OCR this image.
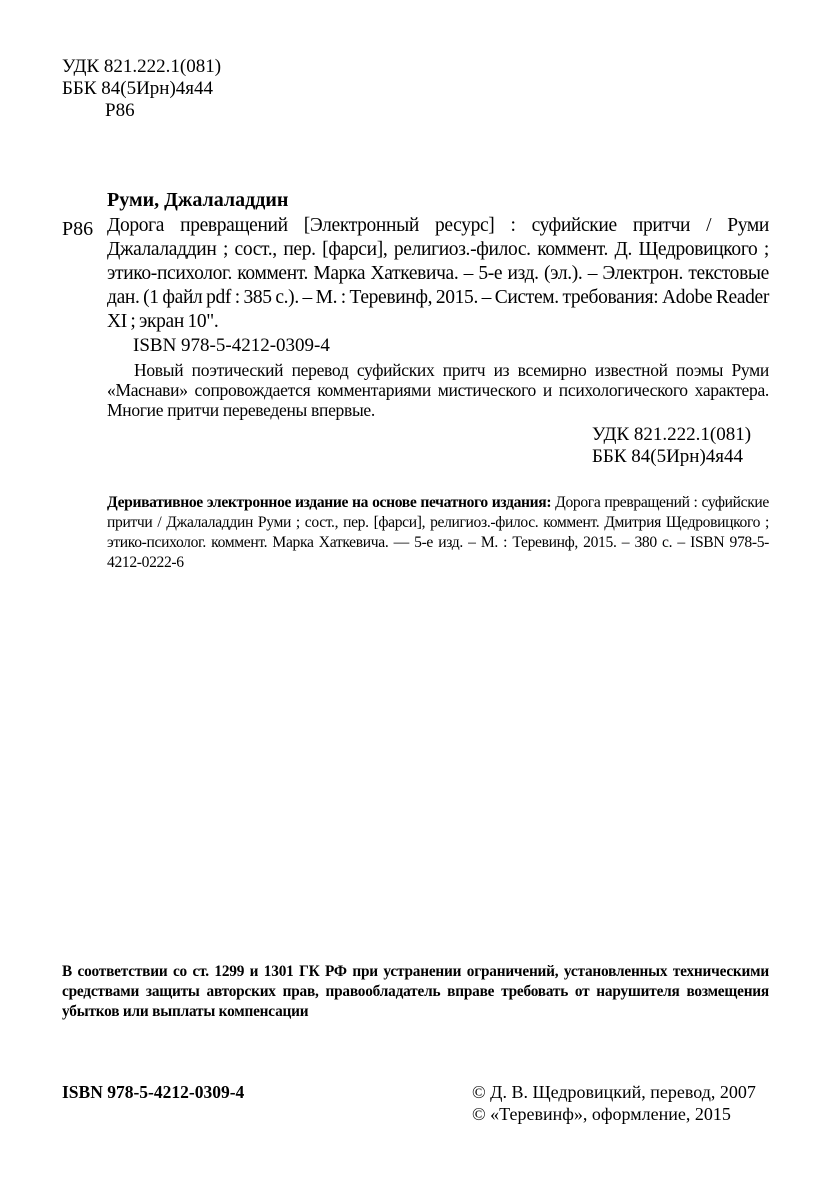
УДК 821.222.1(081)
ББК 84(5Ирн)4я44
Р86
Руми, Джалаладдин
Р86 Дорога превращений [Электронный ресурс] : суфийские притчи / Руми Джалаладдин ; сост., пер. [фарси], религиоз.-филос. коммент. Д. Щедровицкого ; этико-психолог. коммент. Марка Хаткевича. – 5-е изд. (эл.). – Электрон. текстовые дан. (1 файл pdf : 385 с.). – М. : Теревинф, 2015. – Систем. требования: Adobe Reader XI ; экран 10".
ISBN 978-5-4212-0309-4
Новый поэтический перевод суфийских притч из всемирно известной поэмы Руми «Маснави» сопровождается комментариями мистического и психологического характера. Многие притчи переведены впервые.
УДК 821.222.1(081)
ББК 84(5Ирн)4я44
Деривативное электронное издание на основе печатного издания: Дорога превращений : суфийские притчи / Джалаладдин Руми ; сост., пер. [фарси], религиоз.-филос. коммент. Дмитрия Щедровицкого ; этико-психолог. коммент. Марка Хаткевича. — 5-е изд. – М. : Теревинф, 2015. – 380 с. – ISBN 978-5-4212-0222-6
В соответствии со ст. 1299 и 1301 ГК РФ при устранении ограничений, установленных техническими средствами защиты авторских прав, правообладатель вправе требовать от нарушителя возмещения убытков или выплаты компенсации
ISBN 978-5-4212-0309-4	© Д. В. Щедровицкий, перевод, 2007
© «Теревинф», оформление, 2015
